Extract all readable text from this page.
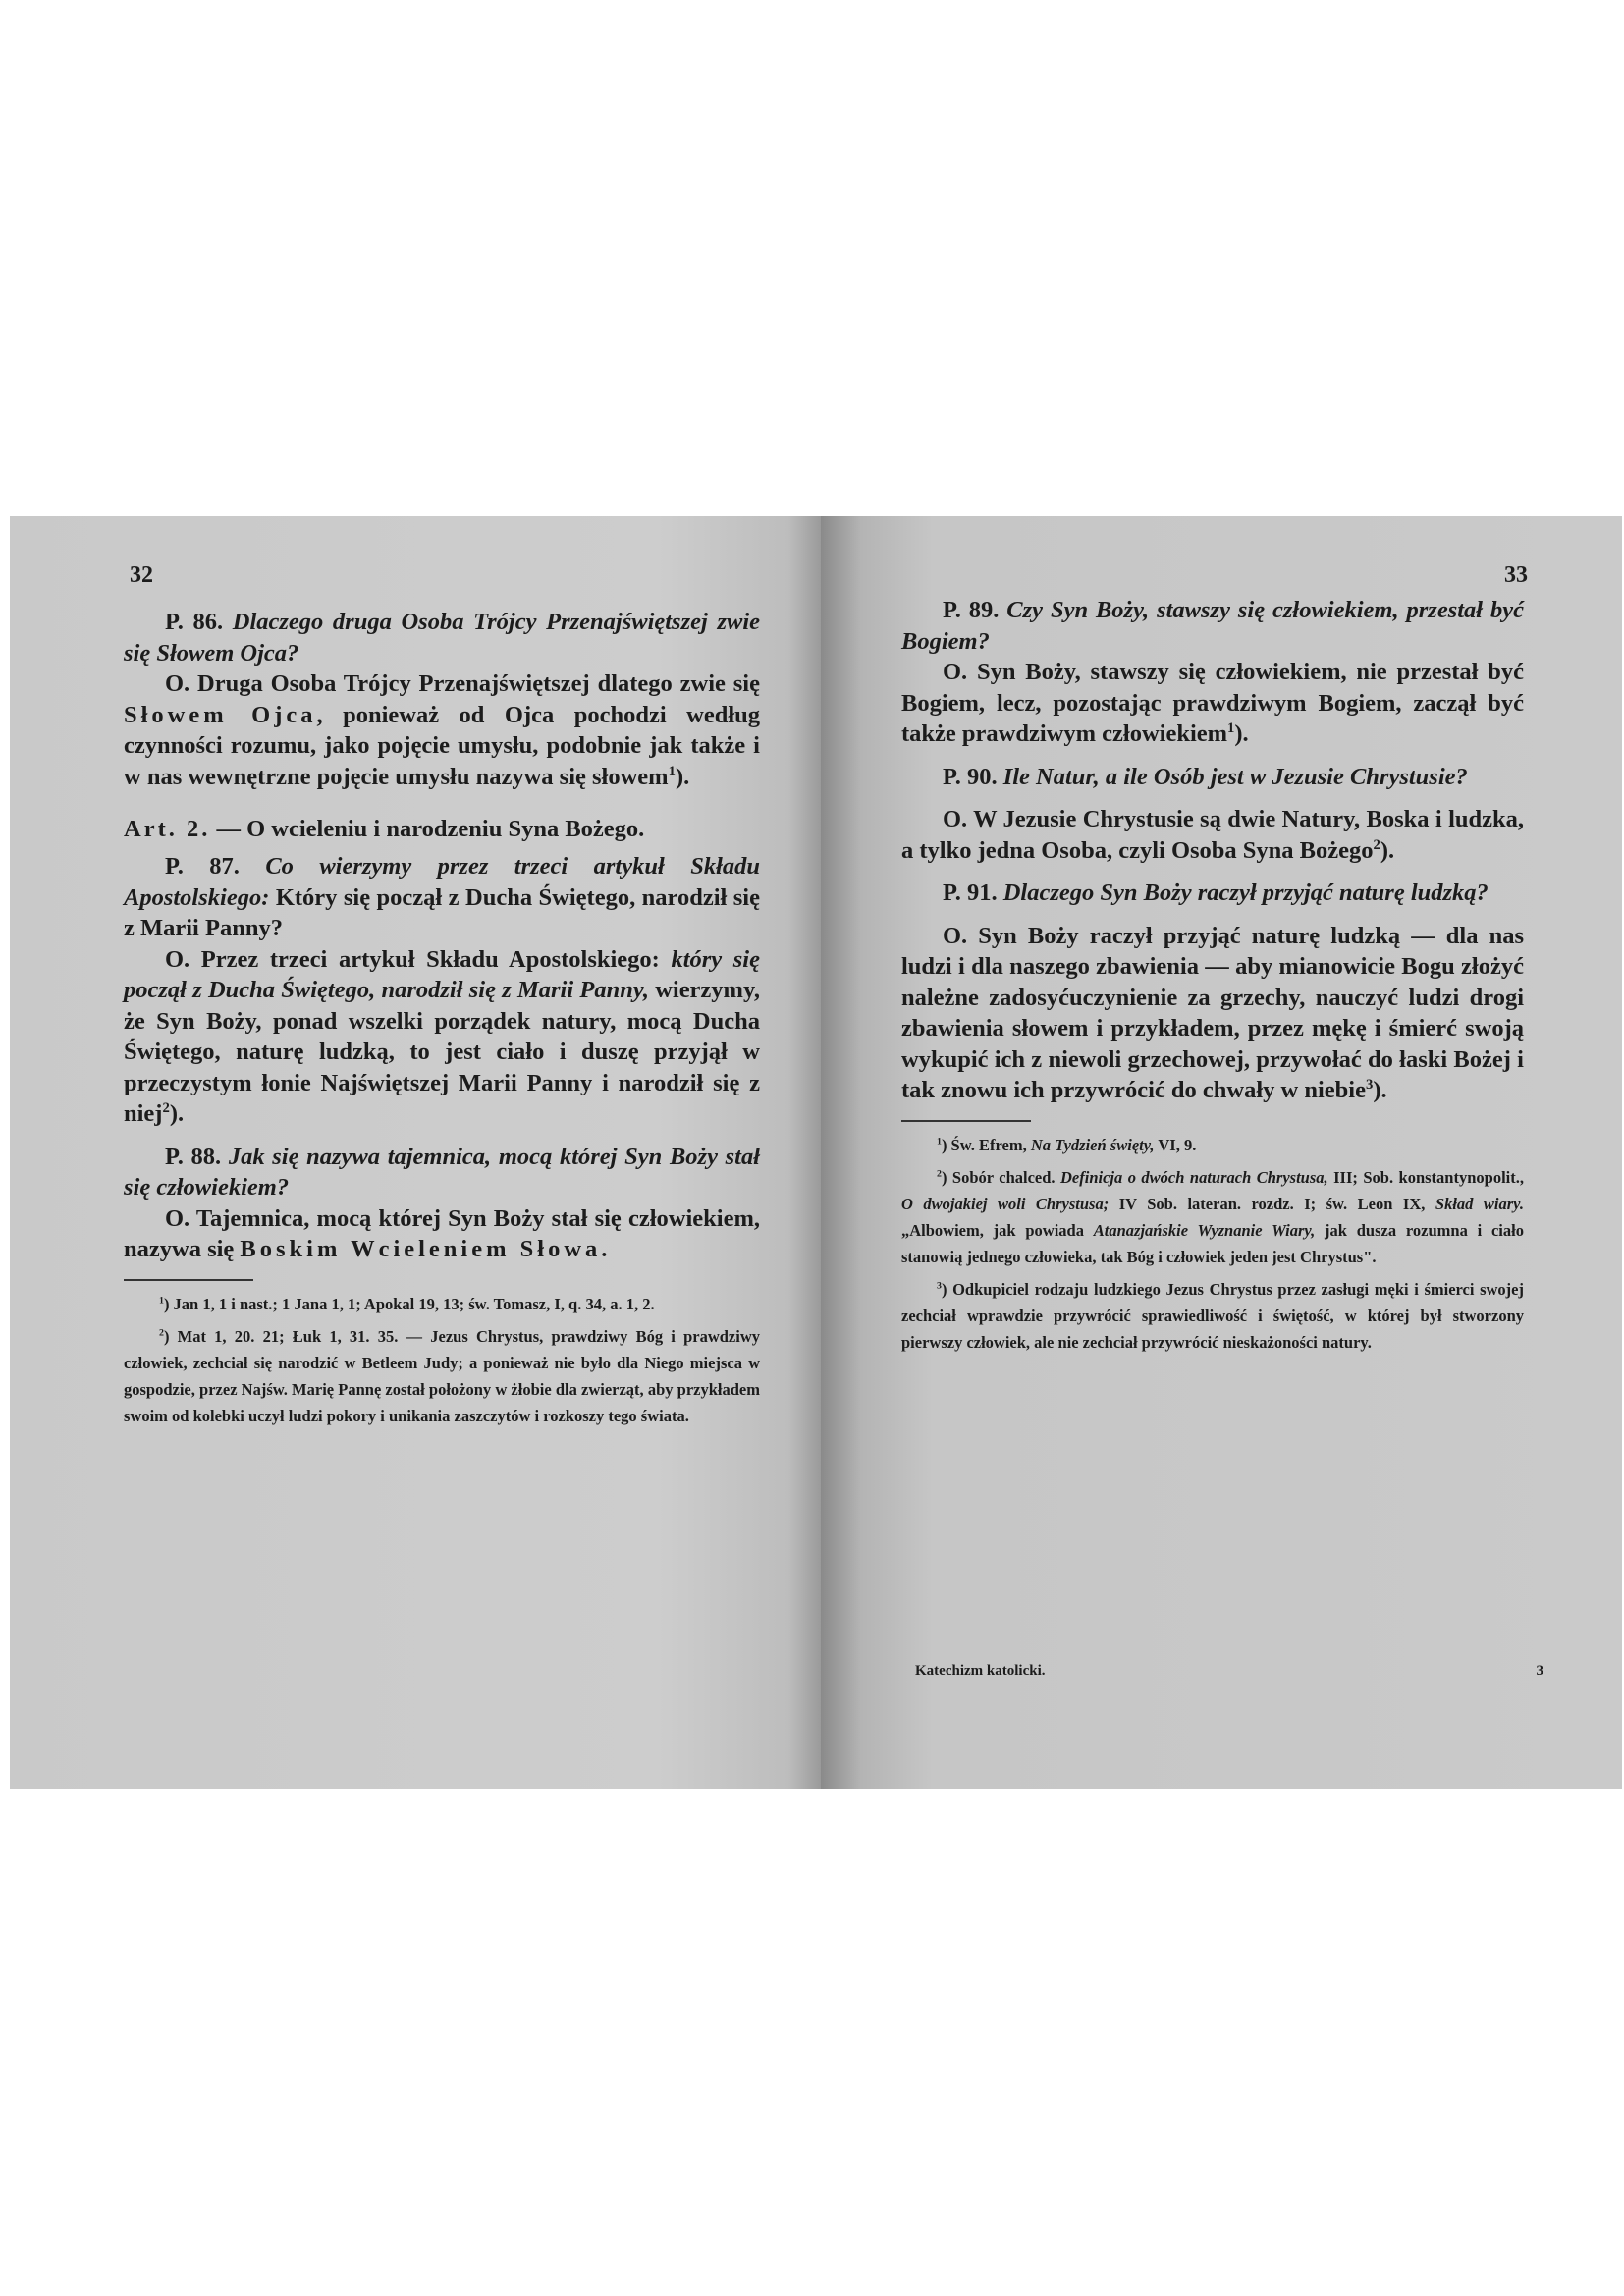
32

P. 86. Dlaczego druga Osoba Trójcy Przenajświętszej zwie się Słowem Ojca?

O. Druga Osoba Trójcy Przenajświętszej dlatego zwie się Słowem Ojca, ponieważ od Ojca pochodzi według czynności rozumu, jako pojęcie umysłu, podobnie jak także i w nas wewnętrzne pojęcie umysłu nazywa się słowem$^1$).

Art. 2. — O wcieleniu i narodzeniu Syna Bożego.

P. 87. Co wierzymy przez trzeci artykuł Składu Apostolskiego: Który się począł z Ducha Świętego, narodził się z Marii Panny?

O. Przez trzeci artykuł Składu Apostolskiego: który się począł z Ducha Świętego, narodził się z Marii Panny, wierzymy, że Syn Boży, ponad wszelki porządek natury, mocą Ducha Świętego, naturę ludzką, to jest ciało i duszę przyjął w przeczystym łonie Najświętszej Marii Panny i narodził się z niej$^2$).

P. 88. Jak się nazywa tajemnica, mocą której Syn Boży stał się człowiekiem?

O. Tajemnica, mocą której Syn Boży stał się człowiekiem, nazywa się Boskim Wcieleniem Słowa.

$^1$) Jan 1, 1 i nast.; 1 Jana 1, 1; Apokal 19, 13; św. Tomasz, I, q. 34, a. 1, 2.

$^2$) Mat 1, 20. 21; Łuk 1, 31. 35. — Jezus Chrystus, prawdziwy Bóg i prawdziwy człowiek, zechciał się narodzić w Betleem Judy; a ponieważ nie było dla Niego miejsca w gospodzie, przez Najśw. Marię Pannę został położony w żłobie dla zwierząt, aby przykładem swoim od kolebki uczył ludzi pokory i unikania zaszczytów i rozkoszy tego świata.

33

P. 89. Czy Syn Boży, stawszy się człowiekiem, przestał być Bogiem?

O. Syn Boży, stawszy się człowiekiem, nie przestał być Bogiem, lecz, pozostając prawdziwym Bogiem, zaczął być także prawdziwym człowiekiem$^1$).

P. 90. Ile Natur, a ile Osób jest w Jezusie Chrystusie?

O. W Jezusie Chrystusie są dwie Natury, Boska i ludzka, a tylko jedna Osoba, czyli Osoba Syna Bożego$^2$).

P. 91. Dlaczego Syn Boży raczył przyjąć naturę ludzką?

O. Syn Boży raczył przyjąć naturę ludzką — dla nas ludzi i dla naszego zbawienia — aby mianowicie Bogu złożyć należne zadosyćuczynienie za grzechy, nauczyć ludzi drogi zbawienia słowem i przykładem, przez mękę i śmierć swoją wykupić ich z niewoli grzechowej, przywołać do łaski Bożej i tak znowu ich przywrócić do chwały w niebie$^3$).

$^1$) Św. Efrem, Na Tydzień święty, VI, 9.

$^2$) Sobór chalced. Definicja o dwóch naturach Chrystusa, III; Sob. konstantynopolit., O dwojakiej woli Chrystusa; IV Sob. lateran. rozdz. I; św. Leon IX, Skład wiary. „Albowiem, jak powiada Atanazjańskie Wyznanie Wiary, jak dusza rozumna i ciało stanowią jednego człowieka, tak Bóg i człowiek jeden jest Chrystus".

$^3$) Odkupiciel rodzaju ludzkiego Jezus Chrystus przez zasługi męki i śmierci swojej zechciał wprawdzie przywrócić sprawiedliwość i świętość, w której był stworzony pierwszy człowiek, ale nie zechciał przywrócić nieskażoności natury.

Katechizm katolicki.	3
